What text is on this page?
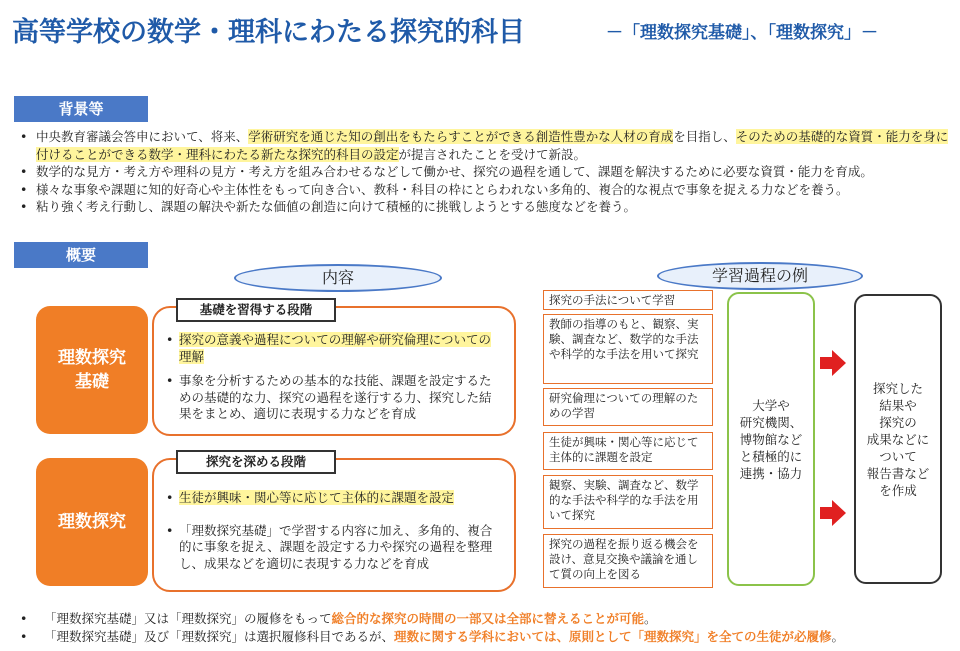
高等学校の数学・理科にわたる探究的科目	－「理数探究基礎」、「理数探究」－
背景等
• 中央教育審議会答申において、将来、学術研究を通じた知の創出をもたらすことができる創造性豊かな人材の育成を目指し、そのための基礎的な資質・能力を身に付けることができる数学・理科にわたる新たな探究的科目の設定が提言されたことを受けて新設。
• 数学的な見方・考え方や理科の見方・考え方を組み合わせるなどして働かせ、探究の過程を通して、課題を解決するために必要な資質・能力を育成。
• 様々な事象や課題に知的好奇心や主体性をもって向き合い、教科・科目の枠にとらわれない多角的、複合的な視点で事象を捉える力などを養う。
• 粘り強く考え行動し、課題の解決や新たな価値の創造に向けて積極的に挑戦しようとする態度などを養う。
概要
内容	学習過程の例
理数探究
基礎
基礎を習得する段階
• 探究の意義や過程についての理解や研究倫理についての理解
• 事象を分析するための基本的な技能、課題を設定するための基礎的な力、探究の過程を遂行する力、探究した結果をまとめ、適切に表現する力などを育成
理数探究
探究を深める段階
• 生徒が興味・関心等に応じて主体的に課題を設定
• 「理数探究基礎」で学習する内容に加え、多角的、複合的に事象を捉え、課題を設定する力や探究の過程を整理し、成果などを適切に表現する力などを育成
探究の手法について学習
教師の指導のもと、観察、実験、調査など、数学的な手法や科学的な手法を用いて探究
研究倫理についての理解のための学習
生徒が興味・関心等に応じて主体的に課題を設定
観察、実験、調査など、数学的な手法や科学的な手法を用いて探究
探究の過程を振り返る機会を設け、意見交換や議論を通して質の向上を図る
大学や
研究機関、
博物館など
と積極的に
連携・協力
探究した
結果や
探究の
成果などに
ついて
報告書など
を作成
• 「理数探究基礎」又は「理数探究」の履修をもって総合的な探究の時間の一部又は全部に替えることが可能。
• 「理数探究基礎」及び「理数探究」は選択履修科目であるが、理数に関する学科においては、原則として「理数探究」を全ての生徒が必履修。
